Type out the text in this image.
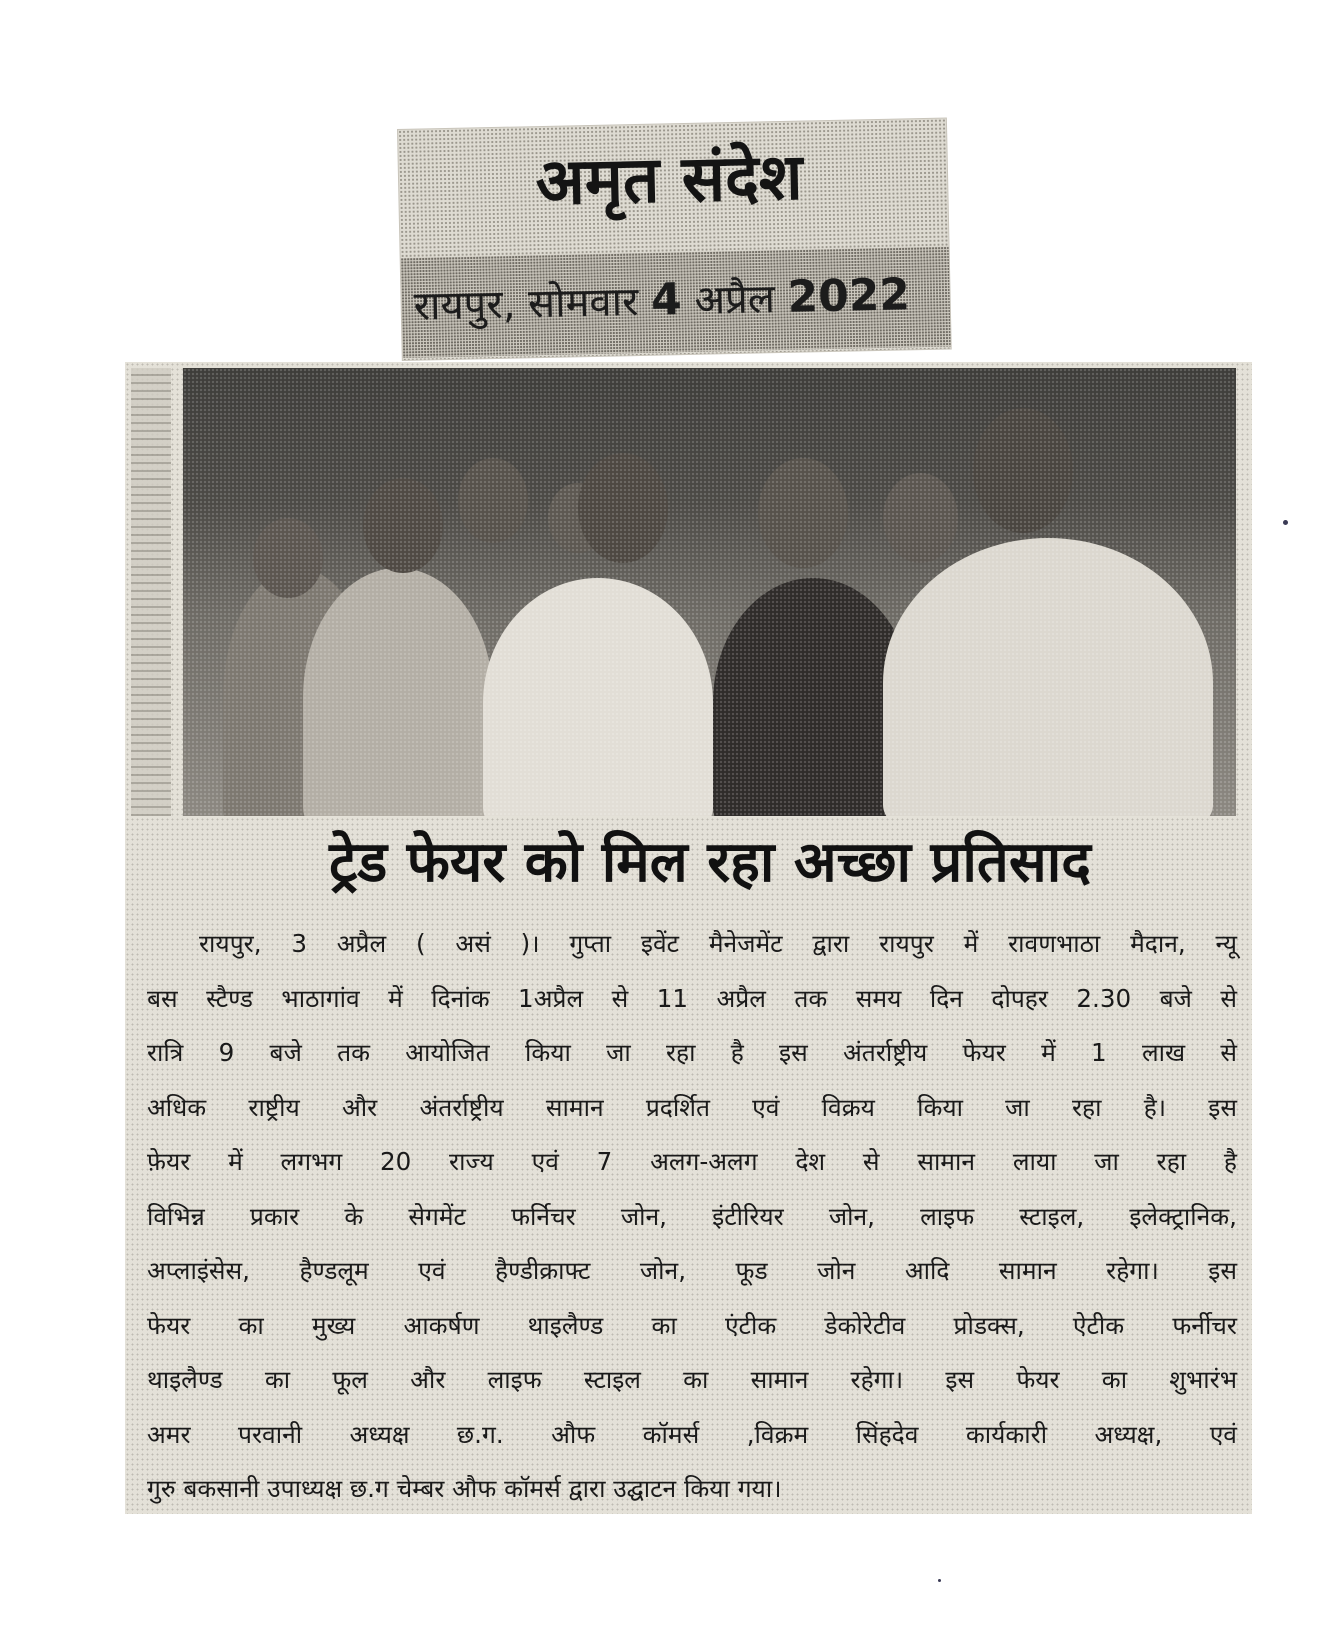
अमृत संदेश
रायपुर, सोमवार 4 अप्रैल 2022
ट्रेड फेयर को मिल रहा अच्छा प्रतिसाद
रायपुर, 3 अप्रैल ( असं )। गुप्ता इवेंट मैनेजमेंट द्वारा रायपुर में रावणभाठा मैदान, न्यू
बस स्टैण्ड भाठागांव में दिनांक 1अप्रैल से 11 अप्रैल तक समय दिन दोपहर 2.30 बजे से
रात्रि 9 बजे तक आयोजित किया जा रहा है इस अंतर्राष्ट्रीय फेयर में 1 लाख से
अधिक राष्ट्रीय और अंतर्राष्ट्रीय सामान प्रदर्शित एवं विक्रय किया जा रहा है। इस
फ़ेयर में लगभग 20 राज्य एवं 7 अलग-अलग देश से सामान लाया जा रहा है
विभिन्न प्रकार के सेगमेंट फर्निचर जोन, इंटीरियर जोन, लाइफ स्टाइल, इलेक्ट्रानिक,
अप्लाइंसेस, हैण्डलूम एवं हैण्डीक्राफ्ट जोन, फूड जोन आदि सामान रहेगा। इस
फेयर का मुख्य आकर्षण थाइलैण्ड का एंटीक डेकोरेटीव प्रोडक्स, ऐटीक फर्नीचर
थाइलैण्ड का फूल और लाइफ स्टाइल का सामान रहेगा। इस फेयर का शुभारंभ
अमर परवानी अध्यक्ष छ.ग. औफ कॉमर्स ,विक्रम सिंहदेव कार्यकारी अध्यक्ष, एवं
गुरु बकसानी उपाध्यक्ष छ.ग चेम्बर औफ कॉमर्स द्वारा उद्घाटन किया गया।
